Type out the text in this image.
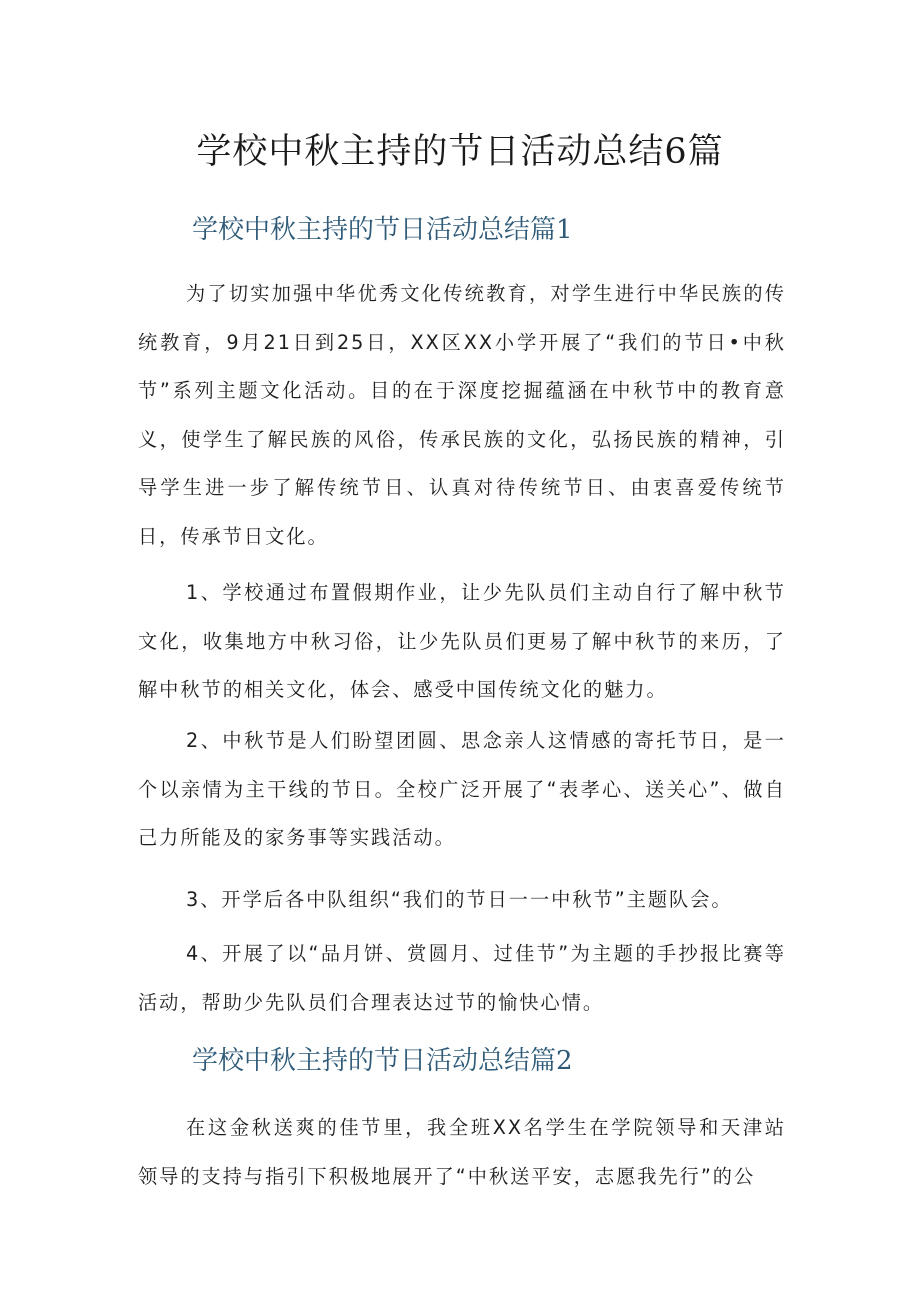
学校中秋主持的节日活动总结6篇
学校中秋主持的节日活动总结篇1

为了切实加强中华优秀文化传统教育，对学生进行中华民族的传统教育，9月21日到25日，XX区XX小学开展了“我们的节日•中秋节”系列主题文化活动。目的在于深度挖掘蕴涵在中秋节中的教育意义，使学生了解民族的风俗，传承民族的文化，弘扬民族的精神，引导学生进一步了解传统节日、认真对待传统节日、由衷喜爱传统节日，传承节日文化。

1、学校通过布置假期作业，让少先队员们主动自行了解中秋节文化，收集地方中秋习俗，让少先队员们更易了解中秋节的来历，了解中秋节的相关文化，体会、感受中国传统文化的魅力。

2、中秋节是人们盼望团圆、思念亲人这情感的寄托节日，是一个以亲情为主干线的节日。全校广泛开展了“表孝心、送关心”、做自己力所能及的家务事等实践活动。

3、开学后各中队组织“我们的节日一一中秋节”主题队会。

4、开展了以“品月饼、赏圆月、过佳节”为主题的手抄报比赛等活动，帮助少先队员们合理表达过节的愉快心情。

学校中秋主持的节日活动总结篇2

在这金秋送爽的佳节里，我全班XX名学生在学院领导和天津站领导的支持与指引下积极地展开了“中秋送平安，志愿我先行”的公
